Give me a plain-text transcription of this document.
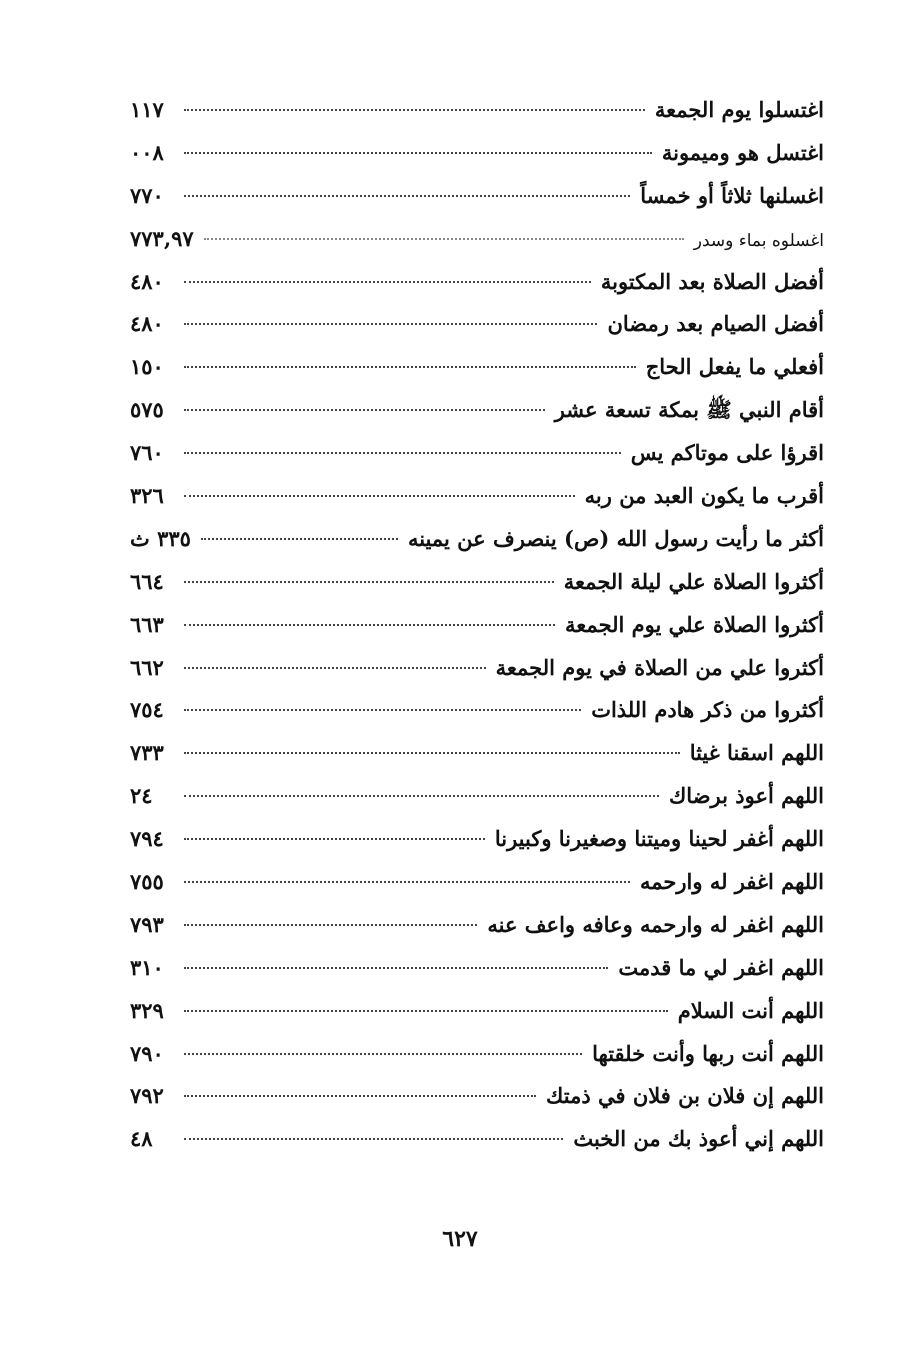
اغتسلوا يوم الجمعة
١١٧
اغتسل هو وميمونة
٠٠٨
اغسلنها ثلاثاً أو خمساً
٧٧٠
اغسلوه بماء وسدر
٧٧٣,٩٧
أفضل الصلاة بعد المكتوبة
٤٨٠
أفضل الصيام بعد رمضان
٤٨٠
أفعلي ما يفعل الحاج
١٥٠
أقام النبي ﷺ بمكة تسعة عشر
٥٧٥
اقرؤا على موتاكم يس
٧٦٠
أقرب ما يكون العبد من ربه
٣٢٦
أكثر ما رأيت رسول الله (ص) ينصرف عن يمينه
٣٣٥ ث
أكثروا الصلاة علي ليلة الجمعة
٦٦٤
أكثروا الصلاة علي يوم الجمعة
٦٦٣
أكثروا علي من الصلاة في يوم الجمعة
٦٦٢
أكثروا من ذكر هادم اللذات
٧٥٤
اللهم اسقنا غيثا
٧٣٣
اللهم أعوذ برضاك
٢٤
اللهم أغفر لحينا وميتنا وصغيرنا وكبيرنا
٧٩٤
اللهم اغفر له وارحمه
٧٥٥
اللهم اغفر له وارحمه وعافه واعف عنه
٧٩٣
اللهم اغفر لي ما قدمت
٣١٠
اللهم أنت السلام
٣٢٩
اللهم أنت ربها وأنت خلقتها
٧٩٠
اللهم إن فلان بن فلان في ذمتك
٧٩٢
اللهم إني أعوذ بك من الخبث
٤٨
٦٢٧
